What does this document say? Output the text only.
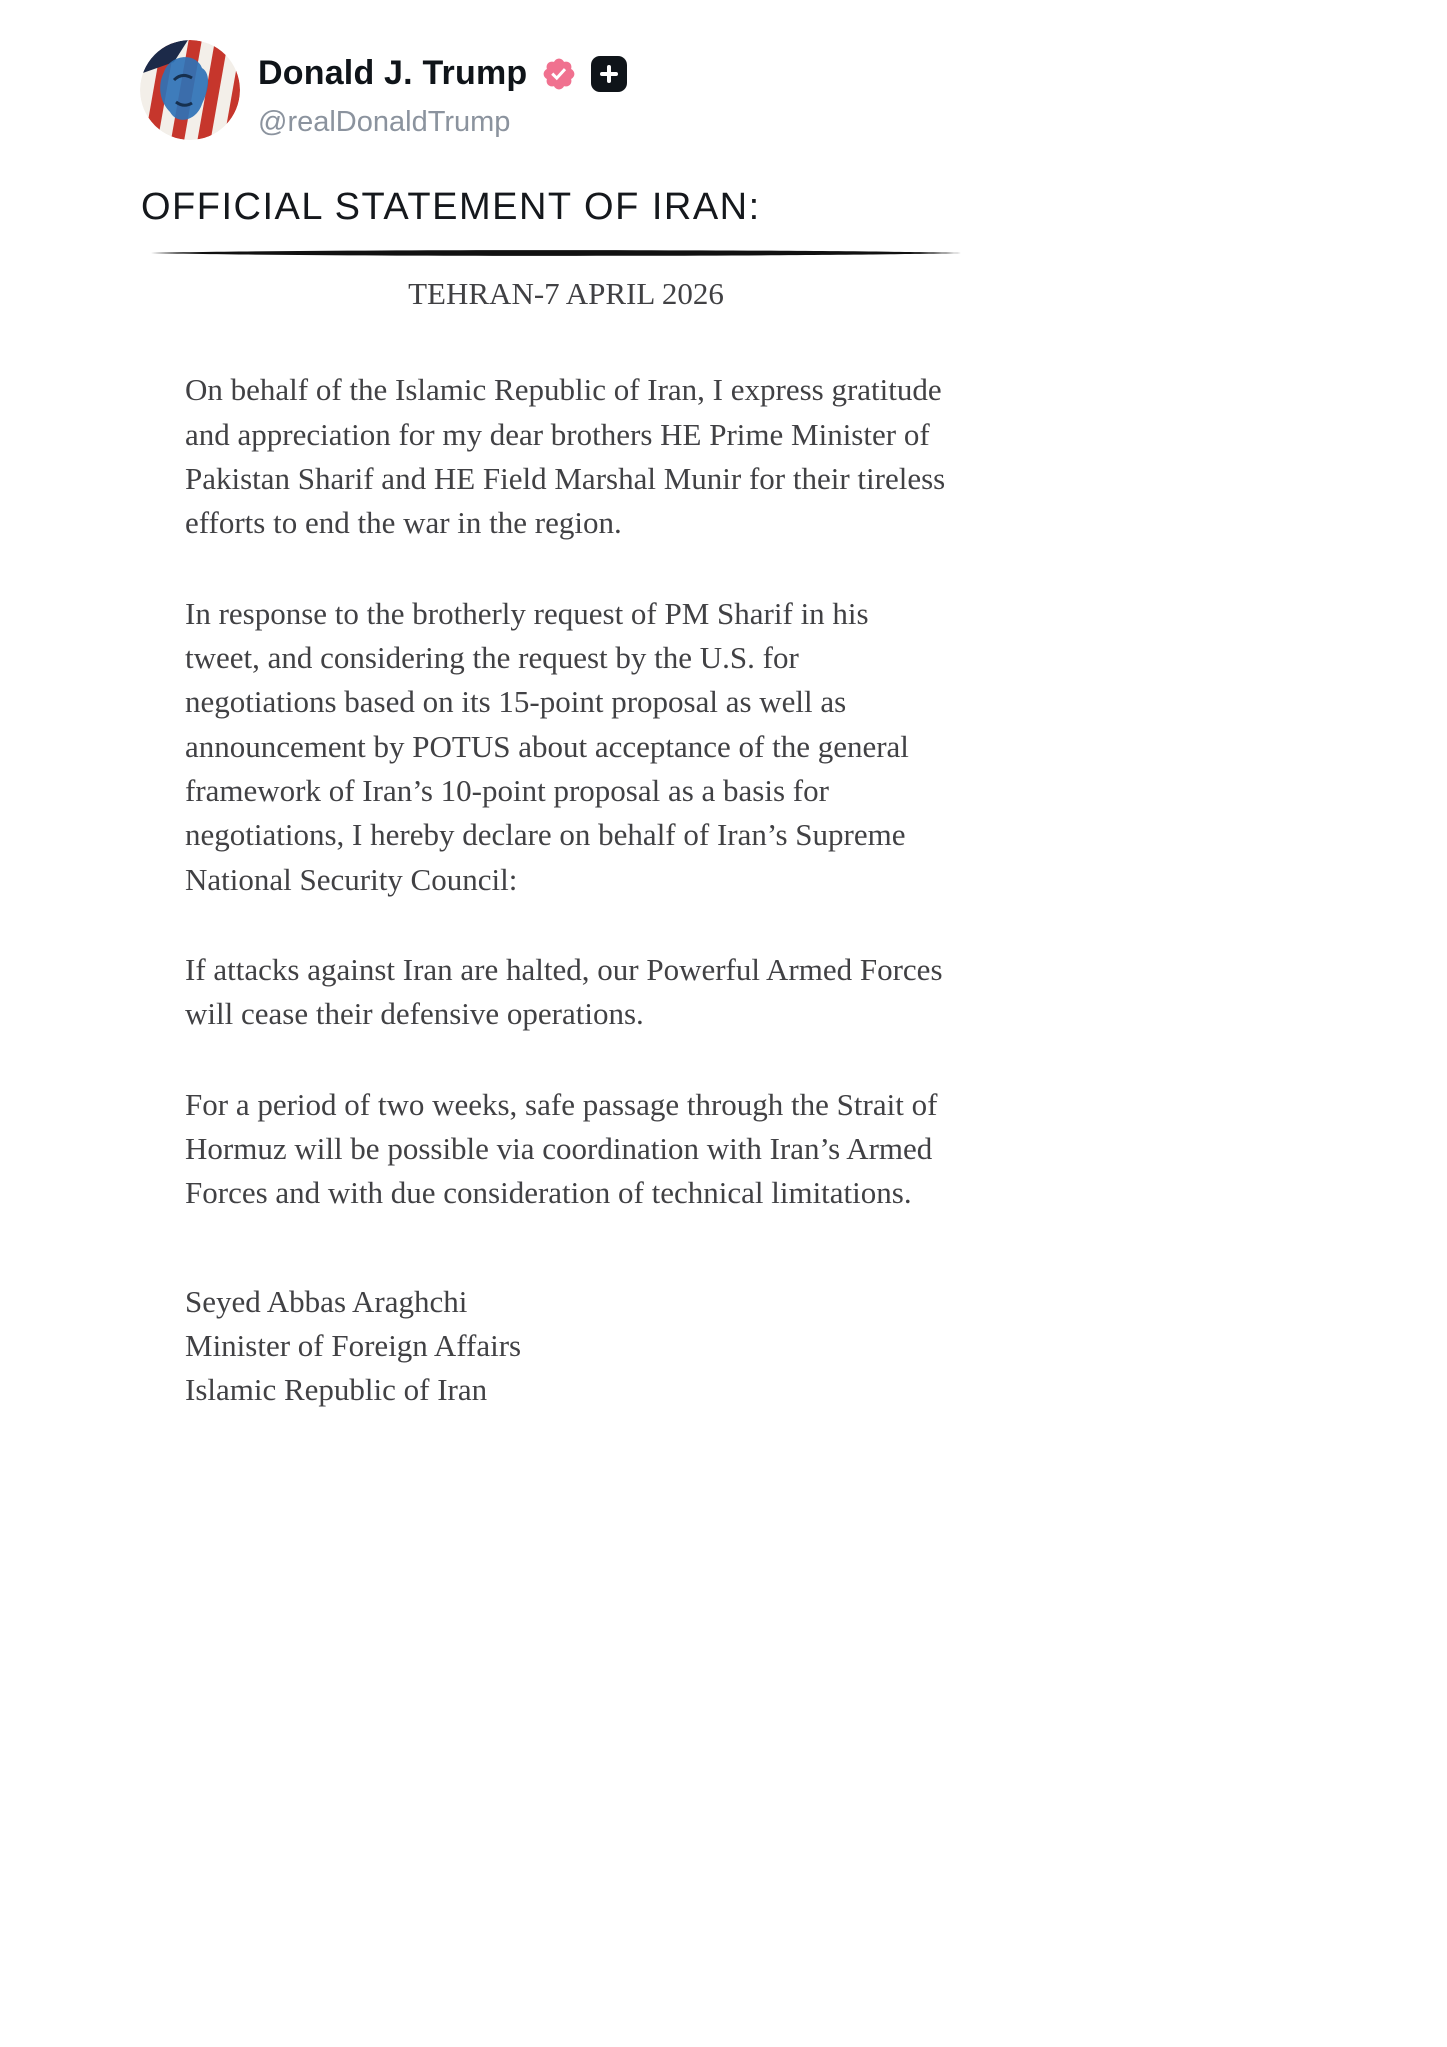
Donald J. Trump
@realDonaldTrump
OFFICIAL STATEMENT OF IRAN:
TEHRAN-7 APRIL 2026

On behalf of the Islamic Republic of Iran, I express gratitude and appreciation for my dear brothers HE Prime Minister of Pakistan Sharif and HE Field Marshal Munir for their tireless efforts to end the war in the region.

In response to the brotherly request of PM Sharif in his tweet, and considering the request by the U.S. for negotiations based on its 15-point proposal as well as announcement by POTUS about acceptance of the general framework of Iran’s 10-point proposal as a basis for negotiations, I hereby declare on behalf of Iran’s Supreme National Security Council:

If attacks against Iran are halted, our Powerful Armed Forces will cease their defensive operations.

For a period of two weeks, safe passage through the Strait of Hormuz will be possible via coordination with Iran’s Armed Forces and with due consideration of technical limitations.

Seyed Abbas Araghchi
Minister of Foreign Affairs
Islamic Republic of Iran
